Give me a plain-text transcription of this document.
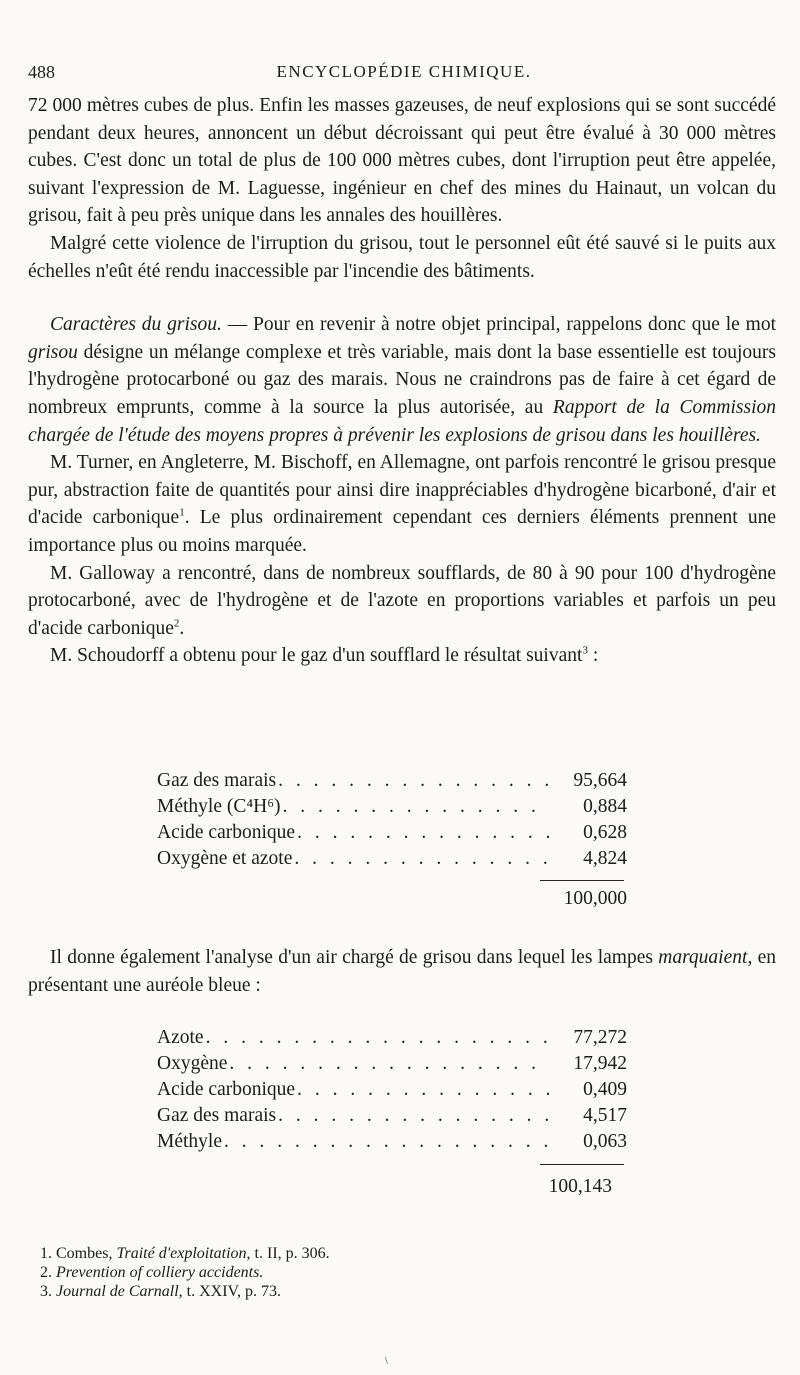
488	ENCYCLOPÉDIE CHIMIQUE.

72 000 mètres cubes de plus. Enfin les masses gazeuses, de neuf explosions qui se sont succédé pendant deux heures, annoncent un début décroissant qui peut être évalué à 30 000 mètres cubes. C'est donc un total de plus de 100 000 mètres cubes, dont l'irruption peut être appelée, suivant l'expression de M. Laguesse, ingénieur en chef des mines du Hainaut, un volcan du grisou, fait à peu près unique dans les annales des houillères.

Malgré cette violence de l'irruption du grisou, tout le personnel eût été sauvé si le puits aux échelles n'eût été rendu inaccessible par l'incendie des bâtiments.

Caractères du grisou. — Pour en revenir à notre objet principal, rappelons donc que le mot grisou désigne un mélange complexe et très variable, mais dont la base essentielle est toujours l'hydrogène protocarboné ou gaz des marais. Nous ne craindrons pas de faire à cet égard de nombreux emprunts, comme à la source la plus autorisée, au Rapport de la Commission chargée de l'étude des moyens propres à prévenir les explosions de grisou dans les houillères.

M. Turner, en Angleterre, M. Bischoff, en Allemagne, ont parfois rencontré le grisou presque pur, abstraction faite de quantités pour ainsi dire inappréciables d'hydrogène bicarboné, d'air et d'acide carbonique$^1$. Le plus ordinairement cependant ces derniers éléments prennent une importance plus ou moins marquée.

M. Galloway a rencontré, dans de nombreux soufflards, de 80 à 90 pour 100 d'hydrogène protocarboné, avec de l'hydrogène et de l'azote en proportions variables et parfois un peu d'acide carbonique$^2$.

M. Schoudorff a obtenu pour le gaz d'un soufflard le résultat suivant$^3$ :

Gaz des marais . . .	95,664
Méthyle (C⁴H⁶) . . .	0,884
Acide carbonique . . .	0,628
Oxygène et azote . . .	4,824
100,000

Il donne également l'analyse d'un air chargé de grisou dans lequel les lampes marquaient, en présentant une auréole bleue :

Azote . . .	77,272
Oxygène . . .	17,942
Acide carbonique . . .	0,409
Gaz des marais . . .	4,517
Méthyle . . .	0,063
100,143
1. Combes, Traité d'exploitation, t. II, p. 306.
2. Prevention of colliery accidents.
3. Journal de Carnall, t. XXIV, p. 73.
\
